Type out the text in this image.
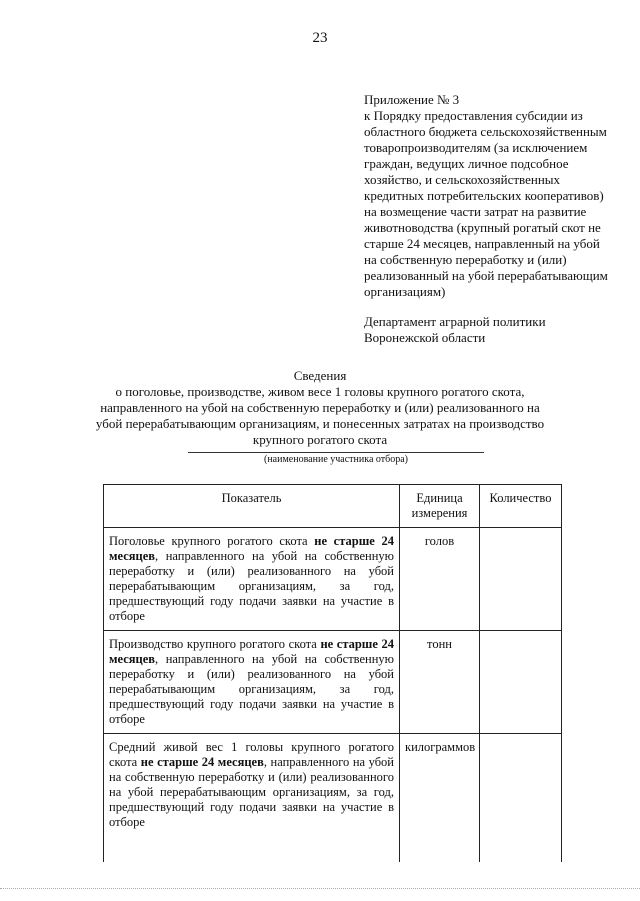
23

Приложение № 3

к Порядку предоставления субсидии из

областного бюджета сельскохозяйственным

товаропроизводителям (за исключением

граждан, ведущих личное подсобное

хозяйство, и сельскохозяйственных

кредитных потребительских кооперативов)

на возмещение части затрат на развитие

животноводства (крупный рогатый скот не

старше 24 месяцев, направленный на убой

на собственную переработку и (или)

реализованный на убой перерабатывающим

организациям)

Департамент аграрной политики

Воронежской области

Сведения

о поголовье, производстве, живом весе 1 головы крупного рогатого скота,

направленного на убой на собственную переработку и (или) реализованного на

убой перерабатывающим организациям, и понесенных затратах на производство

крупного рогатого скота

(наименование участника отбора)
Показатель	Единица измерения	Количество
Поголовье крупного рогатого скота не старше 24 месяцев, направленного на убой на собственную переработку и (или) реализованного на убой перерабатывающим организациям, за год, предшествующий году подачи заявки на участие в отборе	голов	
Производство крупного рогатого скота не старше 24 месяцев, направленного на убой на собственную переработку и (или) реализованного на убой перерабатывающим организациям, за год, предшествующий году подачи заявки на участие в отборе	тонн	
Средний живой вес 1 головы крупного рогатого скота не старше 24 месяцев, направленного на убой на собственную переработку и (или) реализованного на убой перерабатывающим организациям, за год, предшествующий году подачи заявки на участие в отборе	килограммов	
